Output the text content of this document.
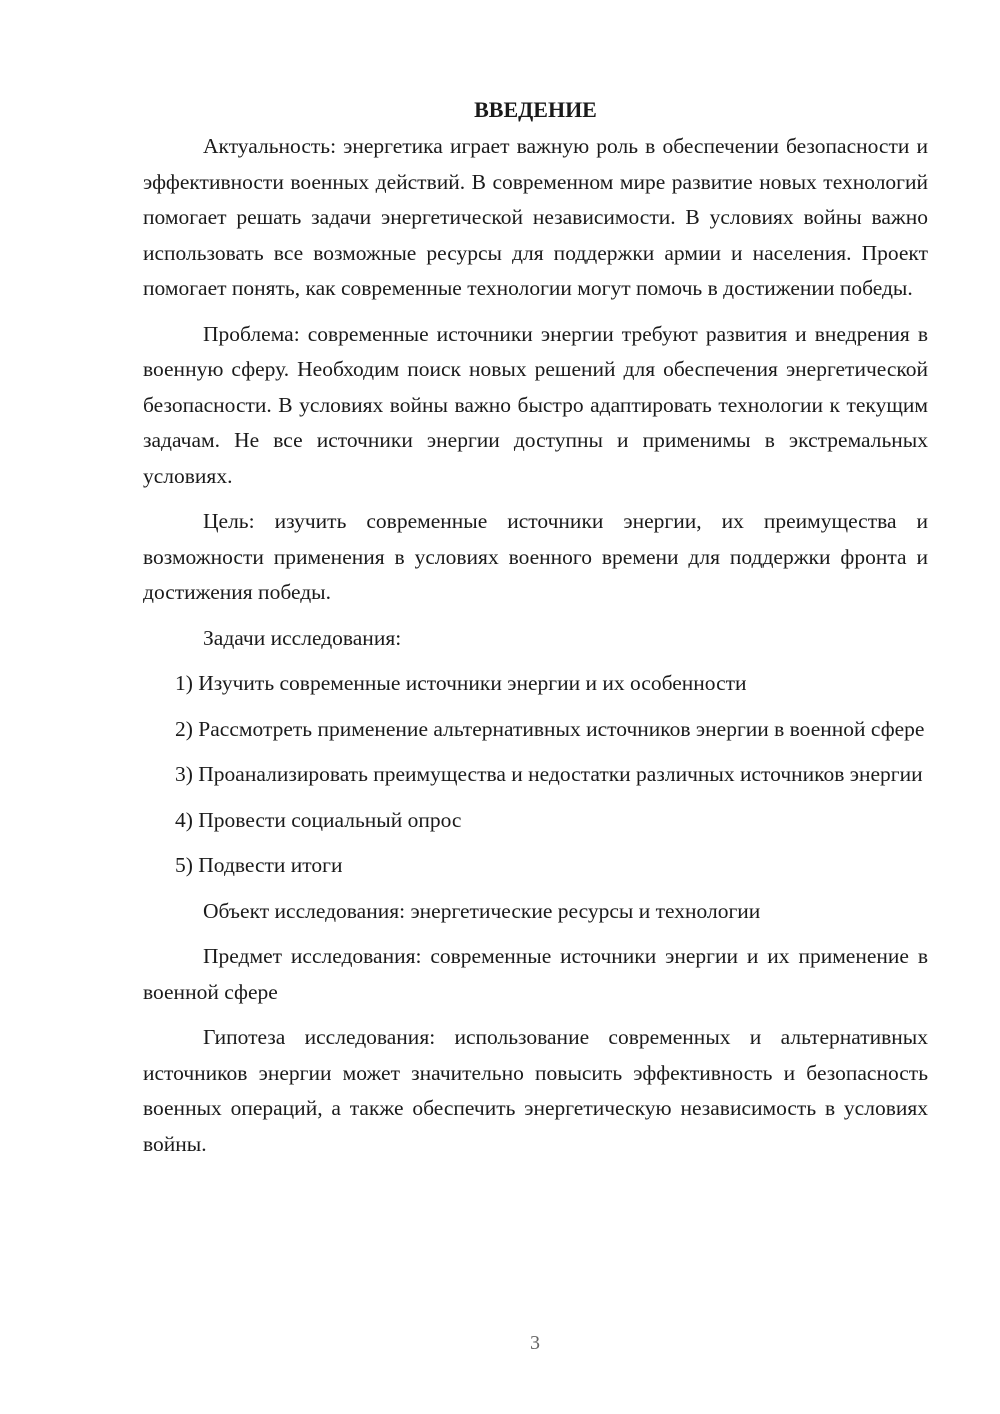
ВВЕДЕНИЕ

Актуальность: энергетика играет важную роль в обеспечении безопасности и эффективности военных действий. В современном мире развитие новых технологий помогает решать задачи энергетической независимости. В условиях войны важно использовать все возможные ресурсы для поддержки армии и населения. Проект помогает понять, как современные технологии могут помочь в достижении победы.

Проблема: современные источники энергии требуют развития и внедрения в военную сферу. Необходим поиск новых решений для обеспечения энергетической безопасности. В условиях войны важно быстро адаптировать технологии к текущим задачам. Не все источники энергии доступны и применимы в экстремальных условиях.

Цель: изучить современные источники энергии, их преимущества и возможности применения в условиях военного времени для поддержки фронта и достижения победы.

Задачи исследования:

1) Изучить современные источники энергии и их особенности

2) Рассмотреть применение альтернативных источников энергии в военной сфере

3) Проанализировать преимущества и недостатки различных источников энергии

4) Провести социальный опрос

5) Подвести итоги

Объект исследования: энергетические ресурсы и технологии

Предмет исследования: современные источники энергии и их применение в военной сфере

Гипотеза исследования: использование современных и альтернативных источников энергии может значительно повысить эффективность и безопасность военных операций, а также обеспечить энергетическую независимость в условиях войны.

3
